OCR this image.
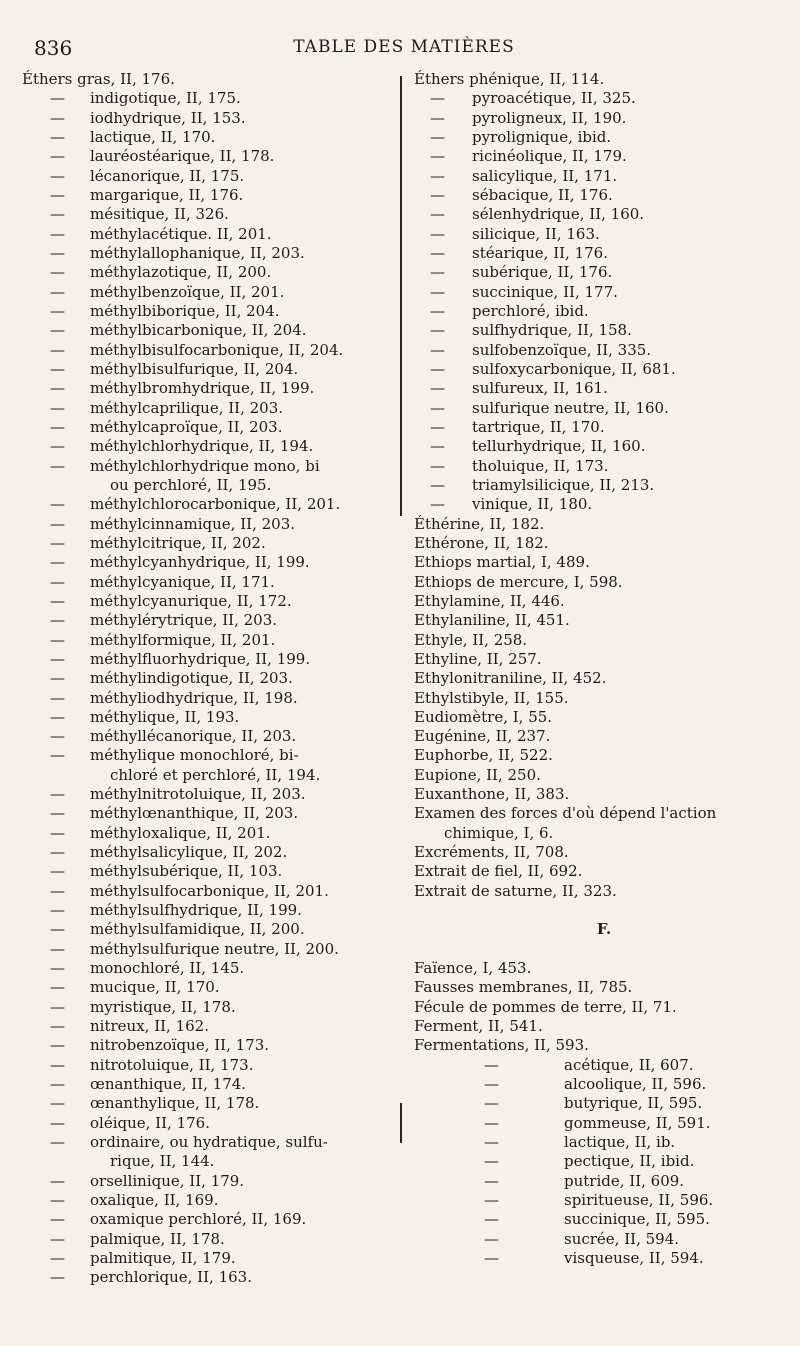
836	TABLE DES MATIÈRES
Éthers gras, II, 176.
— indigotique, II, 175.
— iodhydrique, II, 153.
— lactique, II, 170.
— lauréostéarique, II, 178.
— lécanorique, II, 175.
— margarique, II, 176.
— mésitique, II, 326.
— méthylacétique. II, 201.
— méthylallophanique, II, 203.
— méthylazotique, II, 200.
— méthylbenzoïque, II, 201.
— méthylbiborique, II, 204.
— méthylbicarbonique, II, 204.
— méthylbisulfocarbonique, II, 204.
— méthylbisulfurique, II, 204.
— méthylbromhydrique, II, 199.
— méthylcaprilique, II, 203.
— méthylcaproïque, II, 203.
— méthylchlorhydrique, II, 194.
— méthylchlorhydrique mono, bi
ou perchloré, II, 195.
— méthylchlorocarbonique, II, 201.
— méthylcinnamique, II, 203.
— méthylcitrique, II, 202.
— méthylcyanhydrique, II, 199.
— méthylcyanique, II, 171.
— méthylcyanurique, II, 172.
— méthylérytrique, II, 203.
— méthylformique, II, 201.
— méthylfluorhydrique, II, 199.
— méthylindigotique, II, 203.
— méthyliodhydrique, II, 198.
— méthylique, II, 193.
— méthyllécanorique, II, 203.
— méthylique monochloré, bi-
chloré et perchloré, II, 194.
— méthylnitrotoluique, II, 203.
— méthylœnanthique, II, 203.
— méthyloxalique, II, 201.
— méthylsalicylique, II, 202.
— méthylsubérique, II, 103.
— méthylsulfocarbonique, II, 201.
— méthylsulfhydrique, II, 199.
— méthylsulfamidique, II, 200.
— méthylsulfurique neutre, II, 200.
— monochloré, II, 145.
— mucique, II, 170.
— myristique, II, 178.
— nitreux, II, 162.
— nitrobenzoïque, II, 173.
— nitrotoluique, II, 173.
— œnanthique, II, 174.
— œnanthylique, II, 178.
— oléique, II, 176.
— ordinaire, ou hydratique, sulfu-
rique, II, 144.
— orsellinique, II, 179.
— oxalique, II, 169.
— oxamique perchloré, II, 169.
— palmique, II, 178.
— palmitique, II, 179.
— perchlorique, II, 163.
Éthers phénique, II, 114.
— pyroacétique, II, 325.
— pyroligneux, II, 190.
— pyrolignique, ibid.
— ricinéolique, II, 179.
— salicylique, II, 171.
— sébacique, II, 176.
— sélenhydrique, II, 160.
— silicique, II, 163.
— stéarique, II, 176.
— subérique, II, 176.
— succinique, II, 177.
— perchloré, ibid.
— sulfhydrique, II, 158.
— sulfobenzoïque, II, 335.
— sulfoxycarbonique, II, 681.
— sulfureux, II, 161.
— sulfurique neutre, II, 160.
— tartrique, II, 170.
— tellurhydrique, II, 160.
— tholuique, II, 173.
— triamylsilicique, II, 213.
— vinique, II, 180.
Éthérine, II, 182.
Ethérone, II, 182.
Ethiops martial, I, 489.
Ethiops de mercure, I, 598.
Ethylamine, II, 446.
Ethylaniline, II, 451.
Ethyle, II, 258.
Ethyline, II, 257.
Ethylonitraniline, II, 452.
Ethylstibyle, II, 155.
Eudiomètre, I, 55.
Eugénine, II, 237.
Euphorbe, II, 522.
Eupione, II, 250.
Euxanthone, II, 383.
Examen des forces d'où dépend l'action
chimique, I, 6.
Excréments, II, 708.
Extrait de fiel, II, 692.
Extrait de saturne, II, 323.
F.
Faïence, I, 453.
Fausses membranes, II, 785.
Fécule de pommes de terre, II, 71.
Ferment, II, 541.
Fermentations, II, 593.
—	acétique, II, 607.
—	alcoolique, II, 596.
—	butyrique, II, 595.
—	gommeuse, II, 591.
—	lactique, II, ib.
—	pectique, II, ibid.
—	putride, II, 609.
—	spiritueuse, II, 596.
—	succinique, II, 595.
—	sucrée, II, 594.
—	visqueuse, II, 594.
